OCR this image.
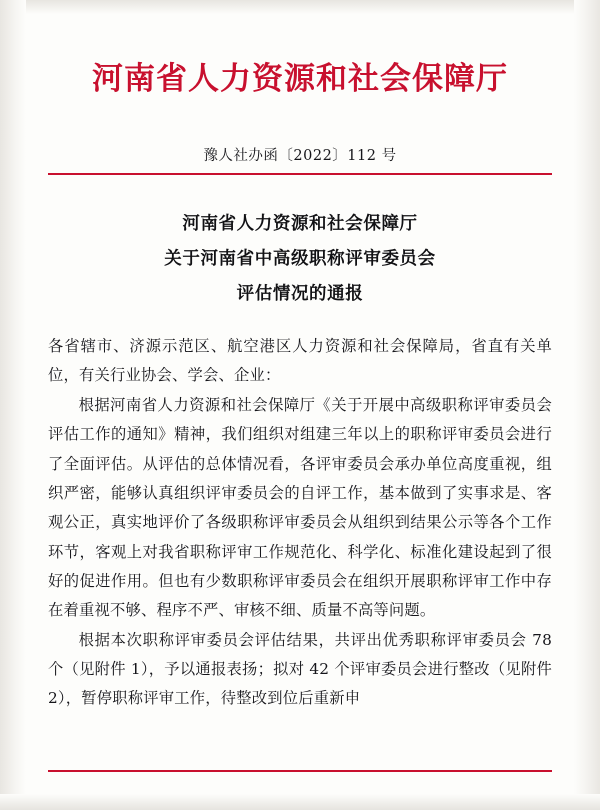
河南省人力资源和社会保障厅
豫人社办函〔2022〕112 号
河南省人力资源和社会保障厅
关于河南省中高级职称评审委员会
评估情况的通报

各省辖市、济源示范区、航空港区人力资源和社会保障局，省直有关单位，有关行业协会、学会、企业：

根据河南省人力资源和社会保障厅《关于开展中高级职称评审委员会评估工作的通知》精神，我们组织对组建三年以上的职称评审委员会进行了全面评估。从评估的总体情况看，各评审委员会承办单位高度重视，组织严密，能够认真组织评审委员会的自评工作，基本做到了实事求是、客观公正，真实地评价了各级职称评审委员会从组织到结果公示等各个工作环节，客观上对我省职称评审工作规范化、科学化、标准化建设起到了很好的促进作用。但也有少数职称评审委员会在组织开展职称评审工作中存在着重视不够、程序不严、审核不细、质量不高等问题。

根据本次职称评审委员会评估结果，共评出优秀职称评审委员会 78 个（见附件 1），予以通报表扬；拟对 42 个评审委员会进行整改（见附件 2），暂停职称评审工作，待整改到位后重新申
